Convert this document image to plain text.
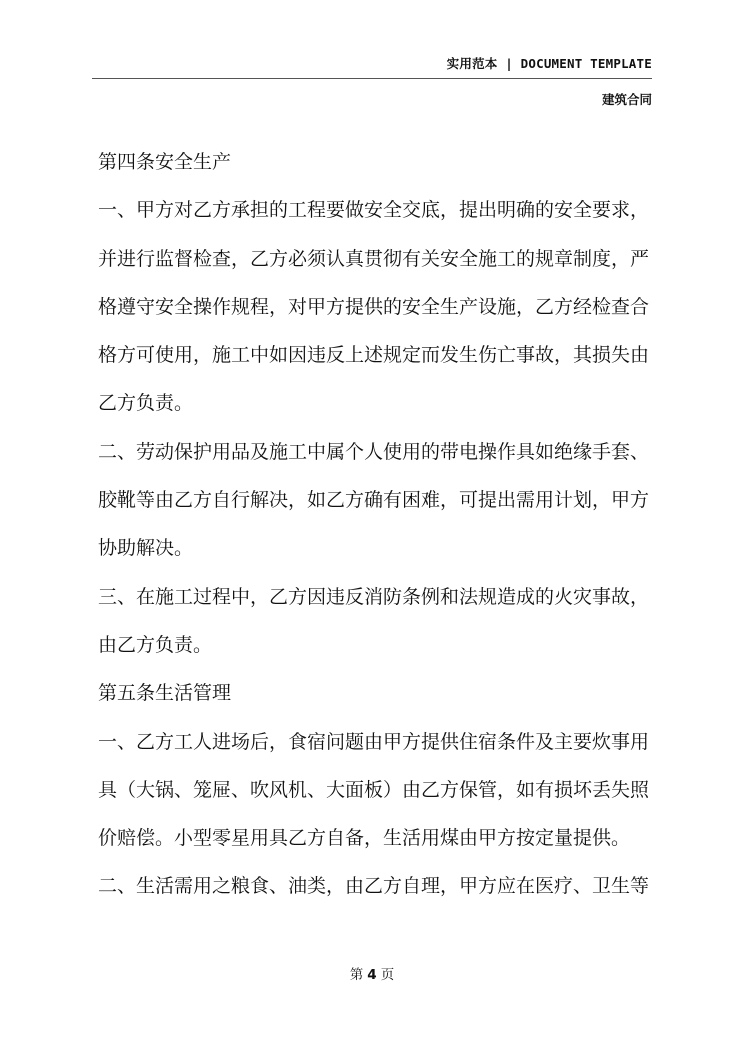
实用范本 | DOCUMENT TEMPLATE
建筑合同
第四条安全生产
一、甲方对乙方承担的工程要做安全交底，提出明确的安全要求，
并进行监督检查，乙方必须认真贯彻有关安全施工的规章制度，严
格遵守安全操作规程，对甲方提供的安全生产设施，乙方经检查合
格方可使用，施工中如因违反上述规定而发生伤亡事故，其损失由
乙方负责。
二、劳动保护用品及施工中属个人使用的带电操作具如绝缘手套、
胶靴等由乙方自行解决，如乙方确有困难，可提出需用计划，甲方
协助解决。
三、在施工过程中，乙方因违反消防条例和法规造成的火灾事故，
由乙方负责。
第五条生活管理
一、乙方工人进场后，食宿问题由甲方提供住宿条件及主要炊事用
具（大锅、笼屉、吹风机、大面板）由乙方保管，如有损坏丢失照
价赔偿。小型零星用具乙方自备，生活用煤由甲方按定量提供。
二、生活需用之粮食、油类，由乙方自理，甲方应在医疗、卫生等
第 4 页
